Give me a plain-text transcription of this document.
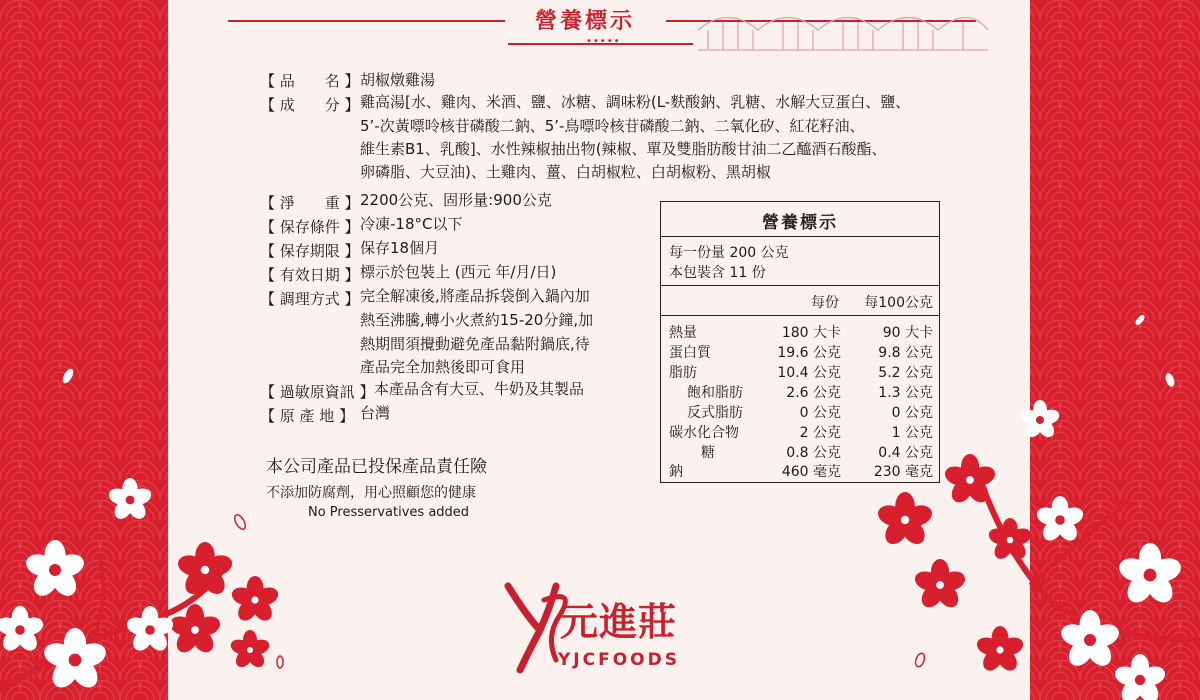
營養標示
•••••
【 品　　名 】 胡椒燉雞湯
【 成　　分 】 雞高湯[水、雞肉、米酒、鹽、冰糖、調味粉(L-麩酸鈉、乳糖、水解大豆蛋白、鹽、
5’-次黃嘌呤核苷磷酸二鈉、5’-鳥嘌呤核苷磷酸二鈉、二氧化矽、紅花籽油、
維生素B1、乳酸]、水性辣椒抽出物(辣椒、單及雙脂肪酸甘油二乙醯酒石酸酯、
卵磷脂、大豆油)、土雞肉、薑、白胡椒粒、白胡椒粉、黑胡椒
【 淨　　重 】 2200公克、固形量:900公克
【 保存條件 】 冷凍-18°C以下
【 保存期限 】 保存18個月
【 有效日期 】 標示於包裝上 (西元 年/月/日)
【 調理方式 】 完全解凍後,將產品拆袋倒入鍋內加
熱至沸騰,轉小火煮約15-20分鐘,加
熱期間須攪動避免產品黏附鍋底,待
產品完全加熱後即可食用
【 過敏原資訊 】 本產品含有大豆、牛奶及其製品
【 原 產 地 】 台灣
本公司產品已投保產品責任險
不添加防腐劑，用心照顧您的健康
No Presservatives added
營養標示
每一份量 200 公克
本包裝含 11 份
每份 每100公克
熱量	180 大卡	90 大卡
蛋白質	19.6 公克	9.8 公克
脂肪	10.4 公克	5.2 公克
飽和脂肪	2.6 公克	1.3 公克
反式脂肪	0 公克	0 公克
碳水化合物	2 公克	1 公克
糖	0.8 公克	0.4 公克
鈉	460 毫克 230 毫克
元進莊
YJCFOODS
